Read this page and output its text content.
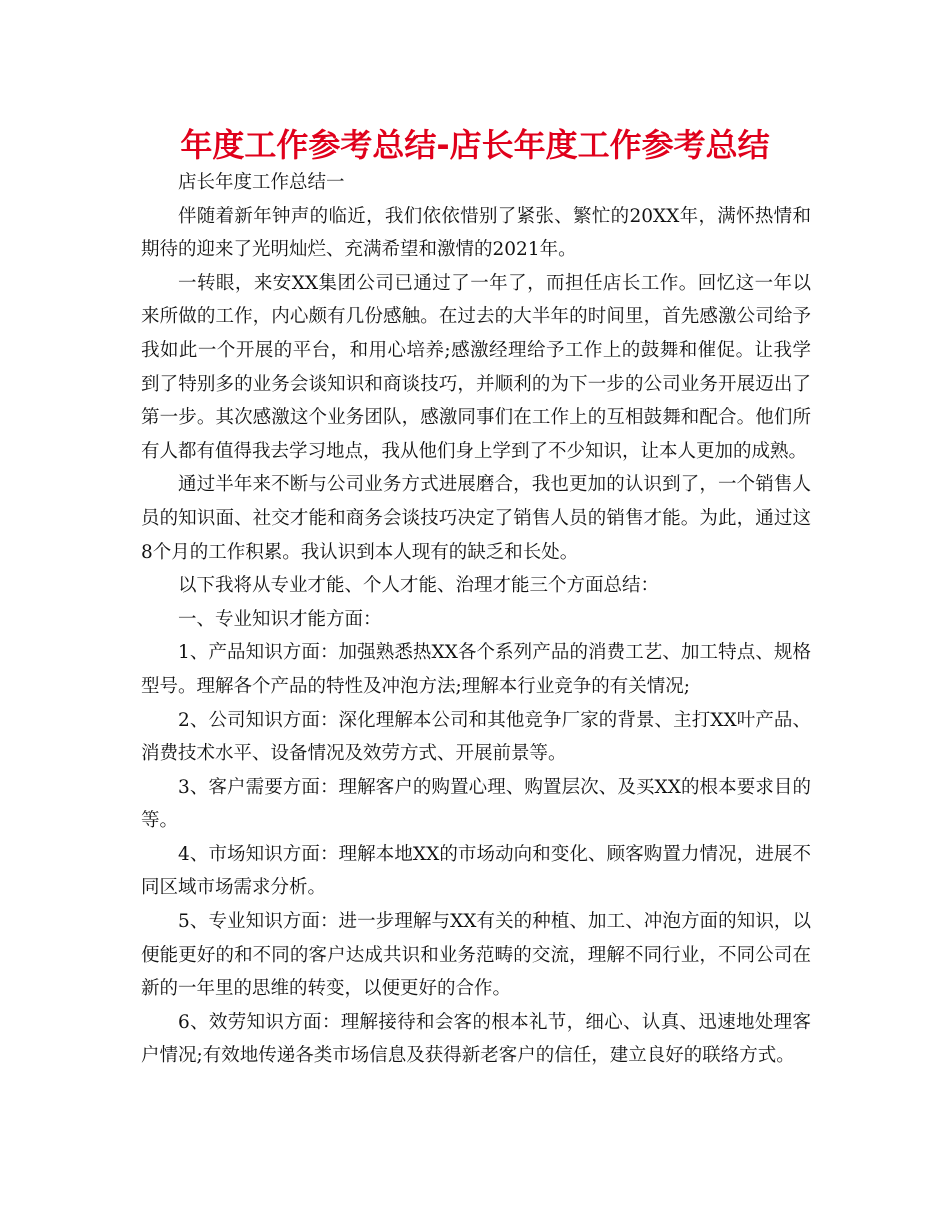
年度工作参考总结-店长年度工作参考总结

店长年度工作总结一

伴随着新年钟声的临近，我们依依惜别了紧张、繁忙的20XX年，满怀热情和期待的迎来了光明灿烂、充满希望和激情的2021年。

一转眼，来安XX集团公司已通过了一年了，而担任店长工作。回忆这一年以来所做的工作，内心颇有几份感触。在过去的大半年的时间里，首先感激公司给予我如此一个开展的平台，和用心培养;感激经理给予工作上的鼓舞和催促。让我学到了特别多的业务会谈知识和商谈技巧，并顺利的为下一步的公司业务开展迈出了第一步。其次感激这个业务团队，感激同事们在工作上的互相鼓舞和配合。他们所有人都有值得我去学习地点，我从他们身上学到了不少知识，让本人更加的成熟。

通过半年来不断与公司业务方式进展磨合，我也更加的认识到了，一个销售人员的知识面、社交才能和商务会谈技巧决定了销售人员的销售才能。为此，通过这8个月的工作积累。我认识到本人现有的缺乏和长处。

以下我将从专业才能、个人才能、治理才能三个方面总结：

一、专业知识才能方面：

1、产品知识方面：加强熟悉热XX各个系列产品的消费工艺、加工特点、规格型号。理解各个产品的特性及冲泡方法;理解本行业竞争的有关情况;

2、公司知识方面：深化理解本公司和其他竞争厂家的背景、主打XX叶产品、消费技术水平、设备情况及效劳方式、开展前景等。

3、客户需要方面：理解客户的购置心理、购置层次、及买XX的根本要求目的等。

4、市场知识方面：理解本地XX的市场动向和变化、顾客购置力情况，进展不同区域市场需求分析。

5、专业知识方面：进一步理解与XX有关的种植、加工、冲泡方面的知识，以便能更好的和不同的客户达成共识和业务范畴的交流，理解不同行业，不同公司在新的一年里的思维的转变，以便更好的合作。

6、效劳知识方面：理解接待和会客的根本礼节，细心、认真、迅速地处理客户情况;有效地传递各类市场信息及获得新老客户的信任，建立良好的联络方式。
